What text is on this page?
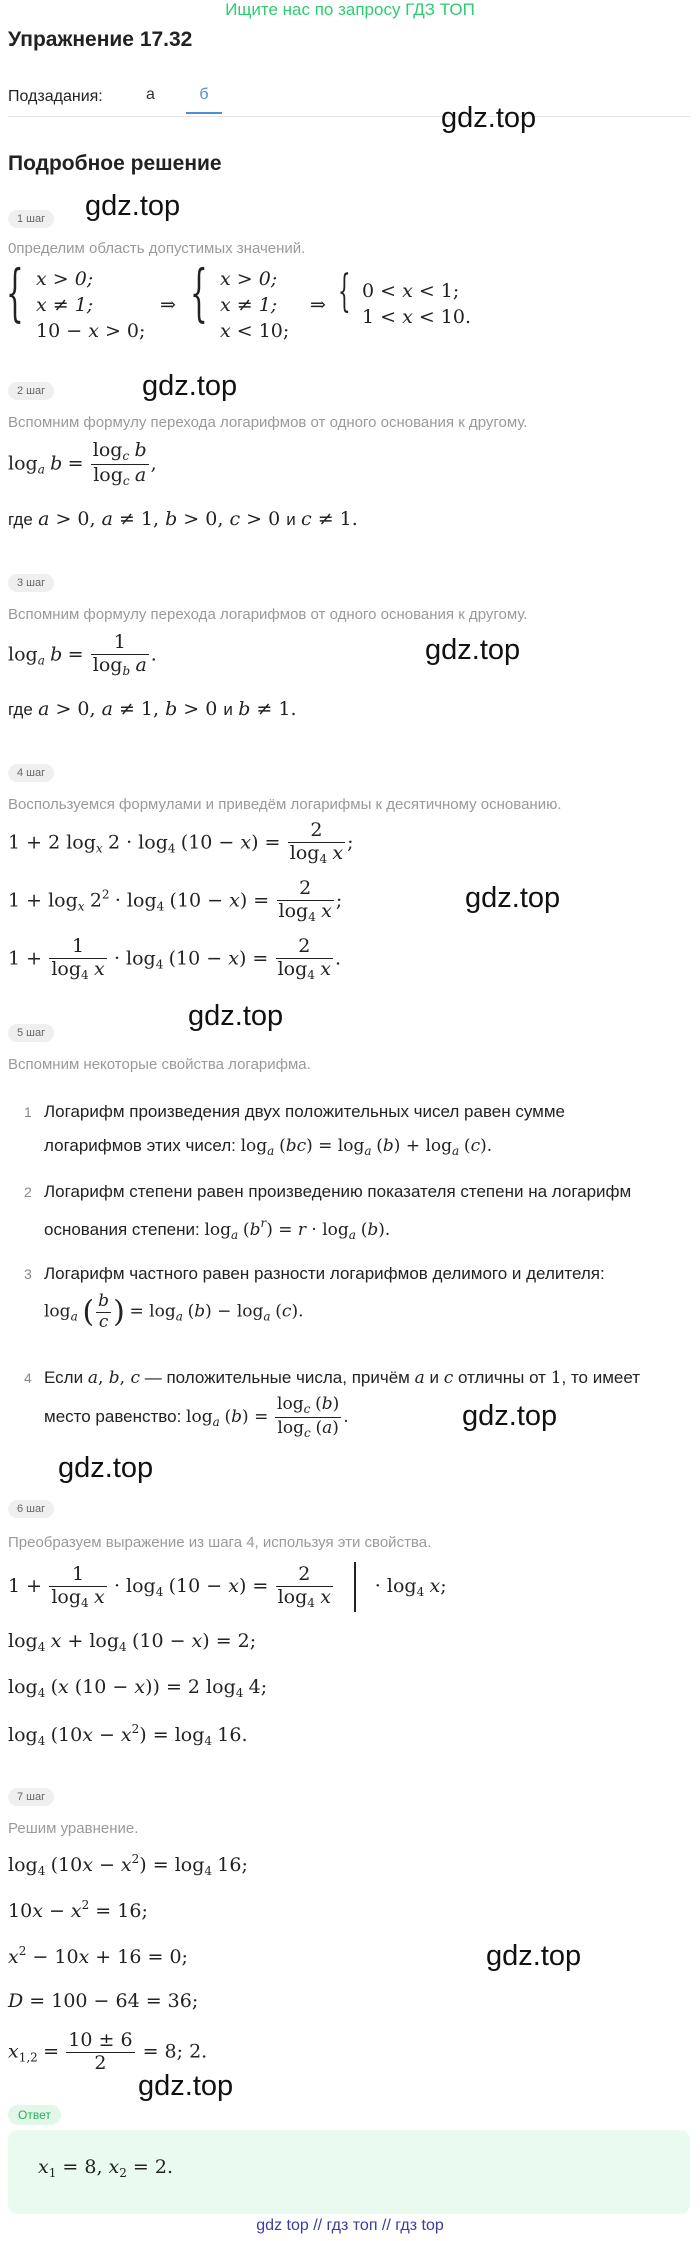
Ищите нас по запросу ГДЗ ТОП
Упражнение 17.32
Подзадания:	а	б
Подробное решение
gdz.top
gdz.top
gdz.top
gdz.top
gdz.top
gdz.top
gdz.top
gdz.top
gdz.top
gdz.top
1 шаг
0пределим область допустимых значений.
{ x > 0;
x ≠ 1;
10 − x > 0;
⇒ { x > 0;
x ≠ 1;
x < 10;
⇒ { 0 < x < 1;
1 < x < 10.
2 шаг
Вспомним формулу перехода логарифмов от одного основания к другому.
$\log_a b = \frac{\log_c b}{\log_c a}$ ,
где a > 0, a ≠ 1, b > 0, c > 0 и c ≠ 1.
3 шаг
Вспомним формулу перехода логарифмов от одного основания к другому.
$\log_a b = \frac{1}{\log_b a}$ .
где a > 0, a ≠ 1, b > 0 и b ≠ 1.
4 шаг
Воспользуемся формулами и приведём логарифмы к десятичному основанию.
1 + 2 $\log_x 2 \cdot \log_4 (10 - x) = \frac{2}{\log_4 x}$ ;
$1 + \log_x 2^2 \cdot \log_4 (10 - x) = \frac{2}{\log_4 x}$ ;
$1 + \frac{1}{\log_4 x} \cdot \log_4 (10 - x) = \frac{2}{\log_4 x}$ .
5 шаг
Вспомним некоторые свойства логарифма.
1 Логарифм произведения двух положительных чисел равен сумме
логарифмов этих чисел: $\log_a (bc) = \log_a (b) + \log_a (c)$.
2 Логарифм степени равен произведению показателя степени на логарифм
основания степени: $\log_a (b^r) = r \cdot \log_a (b)$.
3 Логарифм частного равен разности логарифмов делимого и делителя:
$\log_a$ ( $\frac{b}{c}$ ) = $\log_a (b) - \log_a (c)$.
4 Если a, b, c — положительные числа, причём a и c отличны от 1, то имеет
место равенство: $\log_a (b) = \frac{\log_c (b)}{\log_c (a)}$ .
6 шаг
Преобразуем выражение из шага 4, используя эти свойства.
$1 + \frac{1}{\log_4 x} \cdot \log_4 (10 - x) = \frac{2}{\log_4 x} \cdot \log_4 x$;
$\log_4 x + \log_4 (10 - x) = 2$;
$\log_4 (x$ (10 − x)) = 2 $\log_4 4$;
$\log_4 (10x - x^2) = \log_4 16$.
7 шаг
Решим уравнение.
$\log_4 (10x - x^2) = \log_4 16$;
$10x - x^2 = 16$;
$x^2 - 10x + 16 = 0$;
D = 100 − 64 = 36;
$x_{1,2} = \frac{10 \pm 6}{2} = 8$; 2.
Ответ
$x_1 = 8$, $x_2 = 2$.
gdz top // гдз топ // гдз top
